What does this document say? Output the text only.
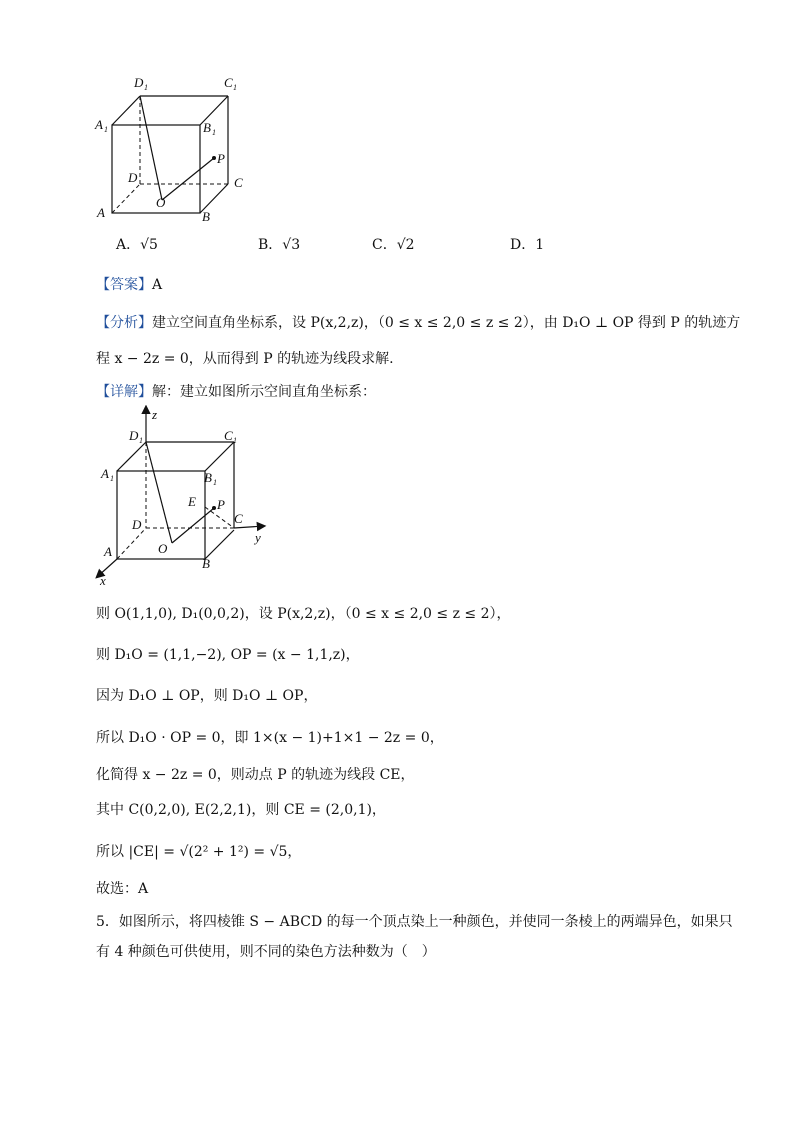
D 1	C 1
A 1	B 1
D	C
A	B
O
P
A．√5	B．√3	C．√2	D．1
【答案】A
【分析】建立空间直角坐标系，设 P(x,2,z)，（0 ≤ x ≤ 2,0 ≤ z ≤ 2），由 D₁O ⊥ OP 得到 P 的轨迹方
程 x − 2z = 0，从而得到 P 的轨迹为线段求解.
【详解】解：建立如图所示空间直角坐标系：
z
y
x
D 1	C 1
A 1	B 1
E P
D	C
A
B
O
则 O(1,1,0), D₁(0,0,2)，设 P(x,2,z)，（0 ≤ x ≤ 2,0 ≤ z ≤ 2），
则 D₁O = (1,1,−2), OP = (x − 1,1,z)，
因为 D₁O ⊥ OP，则 D₁O ⊥ OP，
所以 D₁O · OP = 0，即 1×(x − 1)+1×1 − 2z = 0，
化简得 x − 2z = 0，则动点 P 的轨迹为线段 CE，
其中 C(0,2,0), E(2,2,1)，则 CE = (2,0,1)，
所以 |CE| = √(2² + 1²) = √5，
故选：A
5．如图所示，将四棱锥 S − ABCD 的每一个顶点染上一种颜色，并使同一条棱上的两端异色，如果只
有 4 种颜色可供使用，则不同的染色方法种数为（　）
